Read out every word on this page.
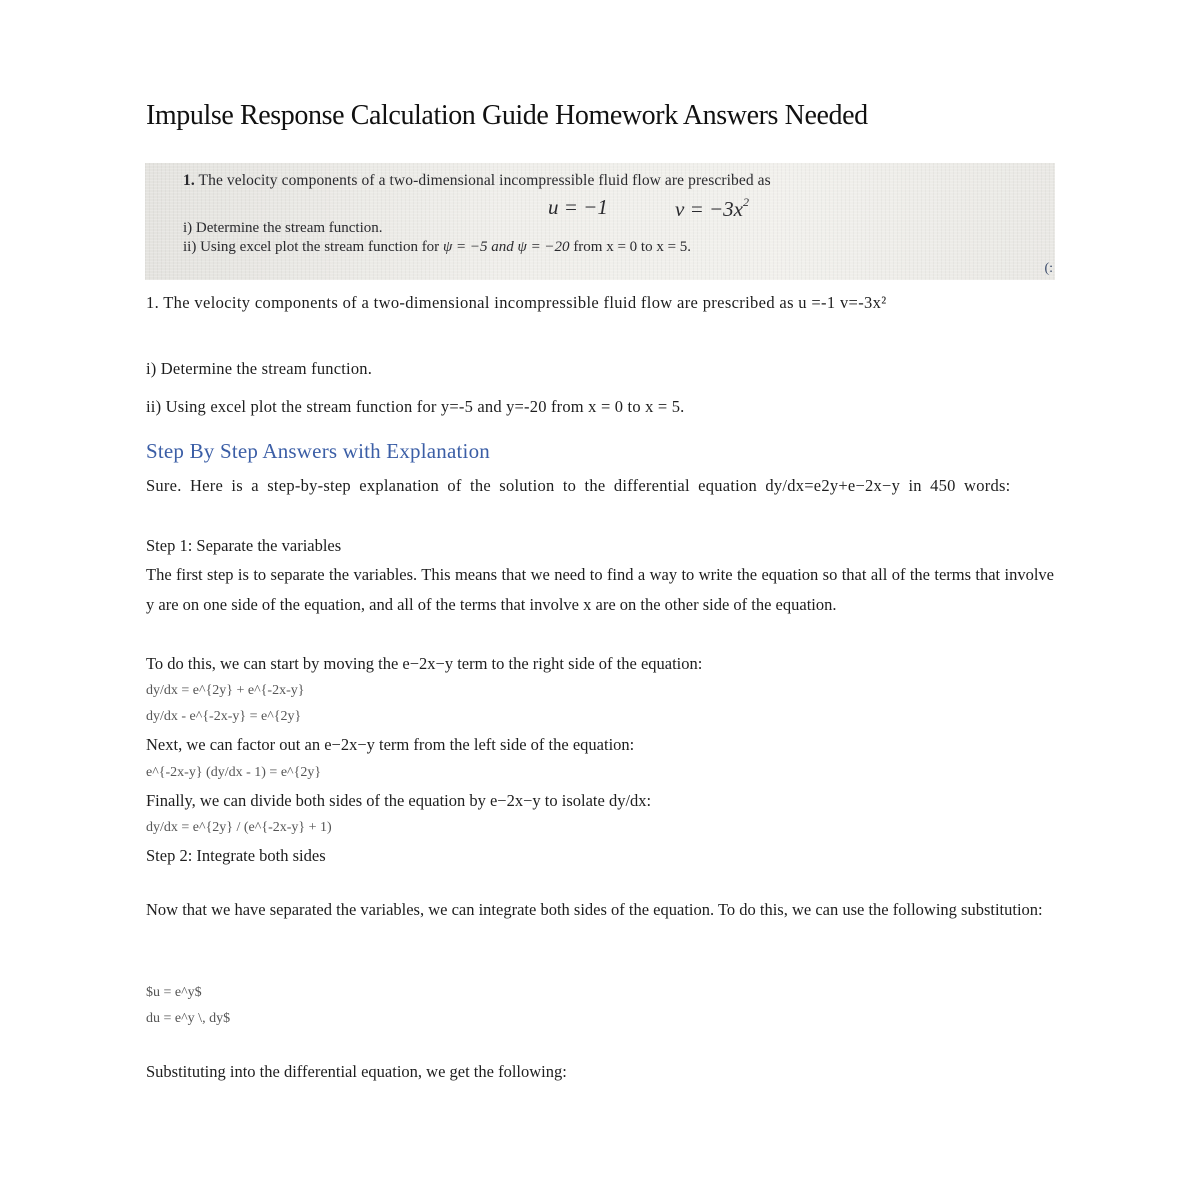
Impulse Response Calculation Guide Homework Answers Needed
1. The velocity components of a two-dimensional incompressible fluid flow are prescribed as
u = −1	$v = -3x^2$
i) Determine the stream function.
ii) Using excel plot the stream function for ψ = −5 and ψ = −20 from x = 0 to x = 5.
(:

1. The velocity components of a two-dimensional incompressible fluid flow are prescribed as u =-1 v=-3x²

i) Determine the stream function.

ii) Using excel plot the stream function for y=-5 and y=-20 from x = 0 to x = 5.

Step By Step Answers with Explanation

Sure. Here is a step-by-step explanation of the solution to the differential equation dy/dx=e2y+e−2x−y in 450 words:

Step 1: Separate the variables

The first step is to separate the variables. This means that we need to find a way to write the equation so that all of the terms that involve y are on one side of the equation, and all of the terms that involve x are on the other side of the equation.

To do this, we can start by moving the e−2x−y term to the right side of the equation:

dy/dx = e^{2y} + e^{-2x-y}
dy/dx - e^{-2x-y} = e^{2y}

Next, we can factor out an e−2x−y term from the left side of the equation:

e^{-2x-y} (dy/dx - 1) = e^{2y}

Finally, we can divide both sides of the equation by e−2x−y to isolate dy/dx:

dy/dx = e^{2y} / (e^{-2x-y} + 1)

Step 2: Integrate both sides

Now that we have separated the variables, we can integrate both sides of the equation. To do this, we can use the following substitution:

$u = e^y$
du = e^y \, dy$

Substituting into the differential equation, we get the following:
